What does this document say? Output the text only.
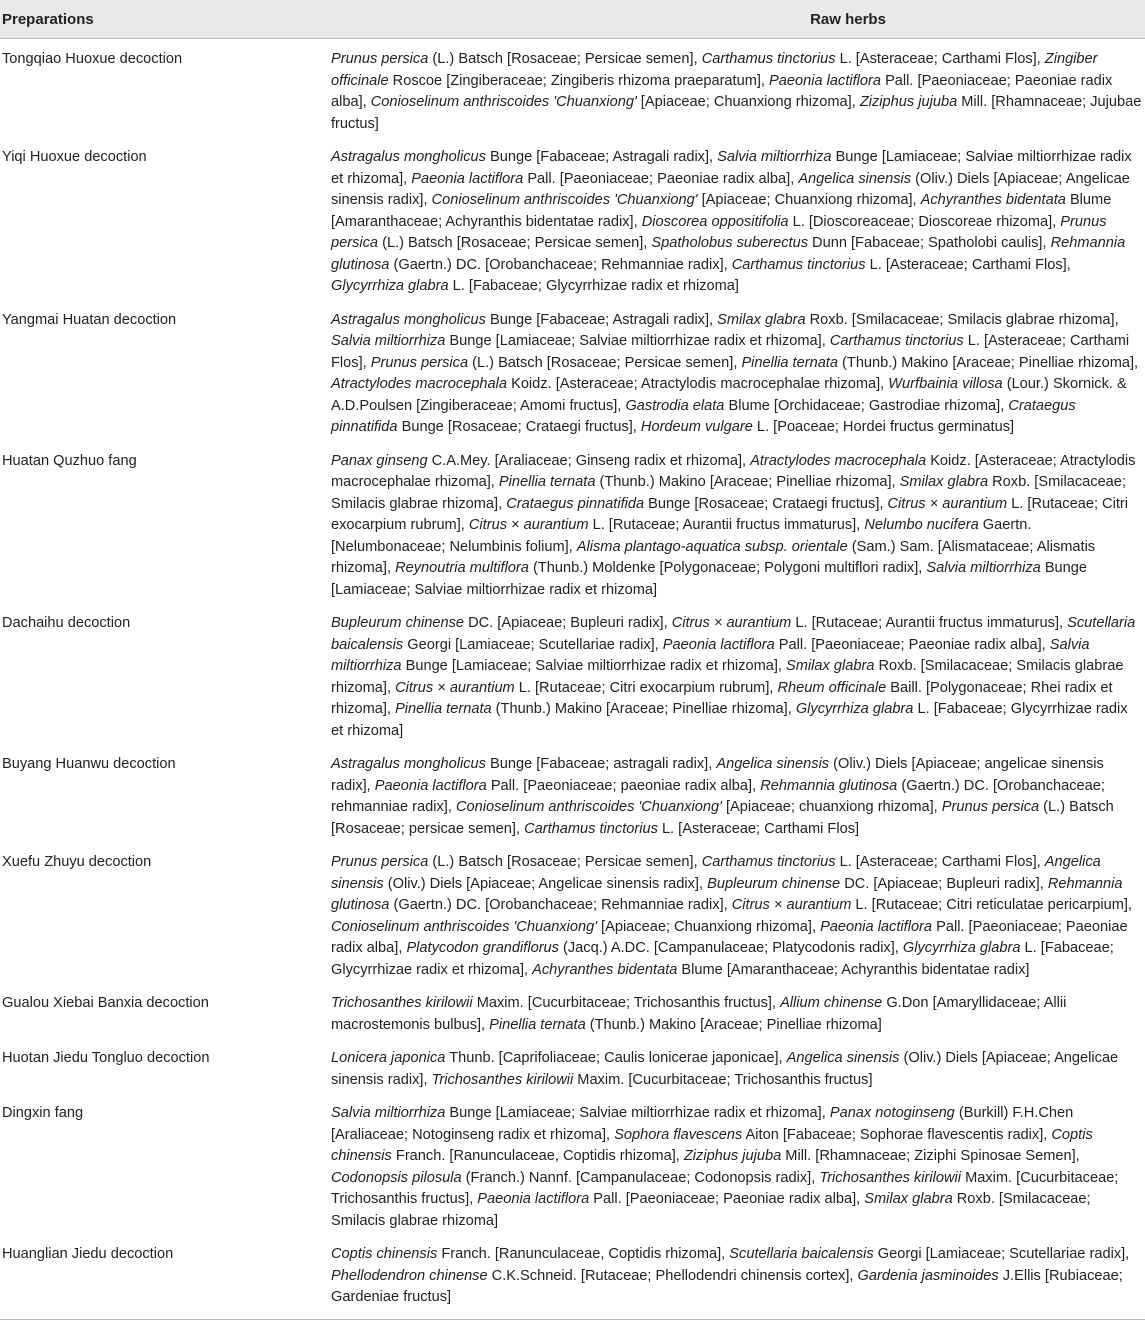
Preparations	Raw herbs
Tongqiao Huoxue decoction	Prunus persica (L.) Batsch [Rosaceae; Persicae semen], Carthamus tinctorius L. [Asteraceae; Carthami Flos], Zingiber officinale Roscoe [Zingiberaceae; Zingiberis rhizoma praeparatum], Paeonia lactiflora Pall. [Paeoniaceae; Paeoniae radix alba], Conioselinum anthriscoides 'Chuanxiong' [Apiaceae; Chuanxiong rhizoma], Ziziphus jujuba Mill. [Rhamnaceae; Jujubae fructus]
Yiqi Huoxue decoction	Astragalus mongholicus Bunge [Fabaceae; Astragali radix], Salvia miltiorrhiza Bunge [Lamiaceae; Salviae miltiorrhizae radix et rhizoma], Paeonia lactiflora Pall. [Paeoniaceae; Paeoniae radix alba], Angelica sinensis (Oliv.) Diels [Apiaceae; Angelicae sinensis radix], Conioselinum anthriscoides 'Chuanxiong' [Apiaceae; Chuanxiong rhizoma], Achyranthes bidentata Blume [Amaranthaceae; Achyranthis bidentatae radix], Dioscorea oppositifolia L. [Dioscoreaceae; Dioscoreae rhizoma], Prunus persica (L.) Batsch [Rosaceae; Persicae semen], Spatholobus suberectus Dunn [Fabaceae; Spatholobi caulis], Rehmannia glutinosa (Gaertn.) DC. [Orobanchaceae; Rehmanniae radix], Carthamus tinctorius L. [Asteraceae; Carthami Flos], Glycyrrhiza glabra L. [Fabaceae; Glycyrrhizae radix et rhizoma]
Yangmai Huatan decoction	Astragalus mongholicus Bunge [Fabaceae; Astragali radix], Smilax glabra Roxb. [Smilacaceae; Smilacis glabrae rhizoma], Salvia miltiorrhiza Bunge [Lamiaceae; Salviae miltiorrhizae radix et rhizoma], Carthamus tinctorius L. [Asteraceae; Carthami Flos], Prunus persica (L.) Batsch [Rosaceae; Persicae semen], Pinellia ternata (Thunb.) Makino [Araceae; Pinelliae rhizoma], Atractylodes macrocephala Koidz. [Asteraceae; Atractylodis macrocephalae rhizoma], Wurfbainia villosa (Lour.) Skornick. & A.D.Poulsen [Zingiberaceae; Amomi fructus], Gastrodia elata Blume [Orchidaceae; Gastrodiae rhizoma], Crataegus pinnatifida Bunge [Rosaceae; Crataegi fructus], Hordeum vulgare L. [Poaceae; Hordei fructus germinatus]
Huatan Quzhuo fang	Panax ginseng C.A.Mey. [Araliaceae; Ginseng radix et rhizoma], Atractylodes macrocephala Koidz. [Asteraceae; Atractylodis macrocephalae rhizoma], Pinellia ternata (Thunb.) Makino [Araceae; Pinelliae rhizoma], Smilax glabra Roxb. [Smilacaceae; Smilacis glabrae rhizoma], Crataegus pinnatifida Bunge [Rosaceae; Crataegi fructus], Citrus × aurantium L. [Rutaceae; Citri exocarpium rubrum], Citrus × aurantium L. [Rutaceae; Aurantii fructus immaturus], Nelumbo nucifera Gaertn. [Nelumbonaceae; Nelumbinis folium], Alisma plantago-aquatica subsp. orientale (Sam.) Sam. [Alismataceae; Alismatis rhizoma], Reynoutria multiflora (Thunb.) Moldenke [Polygonaceae; Polygoni multiflori radix], Salvia miltiorrhiza Bunge [Lamiaceae; Salviae miltiorrhizae radix et rhizoma]
Dachaihu decoction	Bupleurum chinense DC. [Apiaceae; Bupleuri radix], Citrus × aurantium L. [Rutaceae; Aurantii fructus immaturus], Scutellaria baicalensis Georgi [Lamiaceae; Scutellariae radix], Paeonia lactiflora Pall. [Paeoniaceae; Paeoniae radix alba], Salvia miltiorrhiza Bunge [Lamiaceae; Salviae miltiorrhizae radix et rhizoma], Smilax glabra Roxb. [Smilacaceae; Smilacis glabrae rhizoma], Citrus × aurantium L. [Rutaceae; Citri exocarpium rubrum], Rheum officinale Baill. [Polygonaceae; Rhei radix et rhizoma], Pinellia ternata (Thunb.) Makino [Araceae; Pinelliae rhizoma], Glycyrrhiza glabra L. [Fabaceae; Glycyrrhizae radix et rhizoma]
Buyang Huanwu decoction	Astragalus mongholicus Bunge [Fabaceae; astragali radix], Angelica sinensis (Oliv.) Diels [Apiaceae; angelicae sinensis radix], Paeonia lactiflora Pall. [Paeoniaceae; paeoniae radix alba], Rehmannia glutinosa (Gaertn.) DC. [Orobanchaceae; rehmanniae radix], Conioselinum anthriscoides 'Chuanxiong' [Apiaceae; chuanxiong rhizoma], Prunus persica (L.) Batsch [Rosaceae; persicae semen], Carthamus tinctorius L. [Asteraceae; Carthami Flos]
Xuefu Zhuyu decoction	Prunus persica (L.) Batsch [Rosaceae; Persicae semen], Carthamus tinctorius L. [Asteraceae; Carthami Flos], Angelica sinensis (Oliv.) Diels [Apiaceae; Angelicae sinensis radix], Bupleurum chinense DC. [Apiaceae; Bupleuri radix], Rehmannia glutinosa (Gaertn.) DC. [Orobanchaceae; Rehmanniae radix], Citrus × aurantium L. [Rutaceae; Citri reticulatae pericarpium], Conioselinum anthriscoides 'Chuanxiong' [Apiaceae; Chuanxiong rhizoma], Paeonia lactiflora Pall. [Paeoniaceae; Paeoniae radix alba], Platycodon grandiflorus (Jacq.) A.DC. [Campanulaceae; Platycodonis radix], Glycyrrhiza glabra L. [Fabaceae; Glycyrrhizae radix et rhizoma], Achyranthes bidentata Blume [Amaranthaceae; Achyranthis bidentatae radix]
Gualou Xiebai Banxia decoction	Trichosanthes kirilowii Maxim. [Cucurbitaceae; Trichosanthis fructus], Allium chinense G.Don [Amaryllidaceae; Allii macrostemonis bulbus], Pinellia ternata (Thunb.) Makino [Araceae; Pinelliae rhizoma]
Huotan Jiedu Tongluo decoction	Lonicera japonica Thunb. [Caprifoliaceae; Caulis lonicerae japonicae], Angelica sinensis (Oliv.) Diels [Apiaceae; Angelicae sinensis radix], Trichosanthes kirilowii Maxim. [Cucurbitaceae; Trichosanthis fructus]
Dingxin fang	Salvia miltiorrhiza Bunge [Lamiaceae; Salviae miltiorrhizae radix et rhizoma], Panax notoginseng (Burkill) F.H.Chen [Araliaceae; Notoginseng radix et rhizoma], Sophora flavescens Aiton [Fabaceae; Sophorae flavescentis radix], Coptis chinensis Franch. [Ranunculaceae, Coptidis rhizoma], Ziziphus jujuba Mill. [Rhamnaceae; Ziziphi Spinosae Semen], Codonopsis pilosula (Franch.) Nannf. [Campanulaceae; Codonopsis radix], Trichosanthes kirilowii Maxim. [Cucurbitaceae; Trichosanthis fructus], Paeonia lactiflora Pall. [Paeoniaceae; Paeoniae radix alba], Smilax glabra Roxb. [Smilacaceae; Smilacis glabrae rhizoma]
Huanglian Jiedu decoction	Coptis chinensis Franch. [Ranunculaceae, Coptidis rhizoma], Scutellaria baicalensis Georgi [Lamiaceae; Scutellariae radix], Phellodendron chinense C.K.Schneid. [Rutaceae; Phellodendri chinensis cortex], Gardenia jasminoides J.Ellis [Rubiaceae; Gardeniae fructus]
